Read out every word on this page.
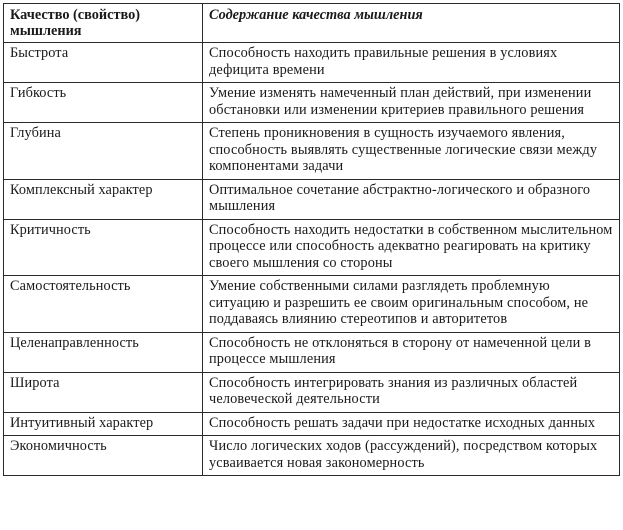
Качество (свойство) мышления	Содержание качества мышления
Быстрота	Способность находить правильные решения в условиях дефицита времени
Гибкость	Умение изменять намеченный план действий, при изменении обстановки или изменении критериев правильного решения
Глубина	Степень проникновения в сущность изучаемого явления, способность выявлять существенные логические связи между компонентами задачи
Комплексный характер	Оптимальное сочетание абстрактно-логического и образного мышления
Критичность	Способность находить недостатки в собственном мыслительном процессе или способность адекватно реагировать на критику своего мышления со стороны
Самостоятельность	Умение собственными силами разглядеть проблемную ситуацию и разрешить ее своим оригинальным способом, не поддаваясь влиянию стереотипов и авторитетов
Целенаправленность	Способность не отклоняться в сторону от намеченной цели в процессе мышления
Широта	Способность интегрировать знания из различных областей человеческой деятельности
Интуитивный характер	Способность решать задачи при недостатке исходных данных
Экономичность	Число логических ходов (рассуждений), посредством которых усваивается новая закономерность
